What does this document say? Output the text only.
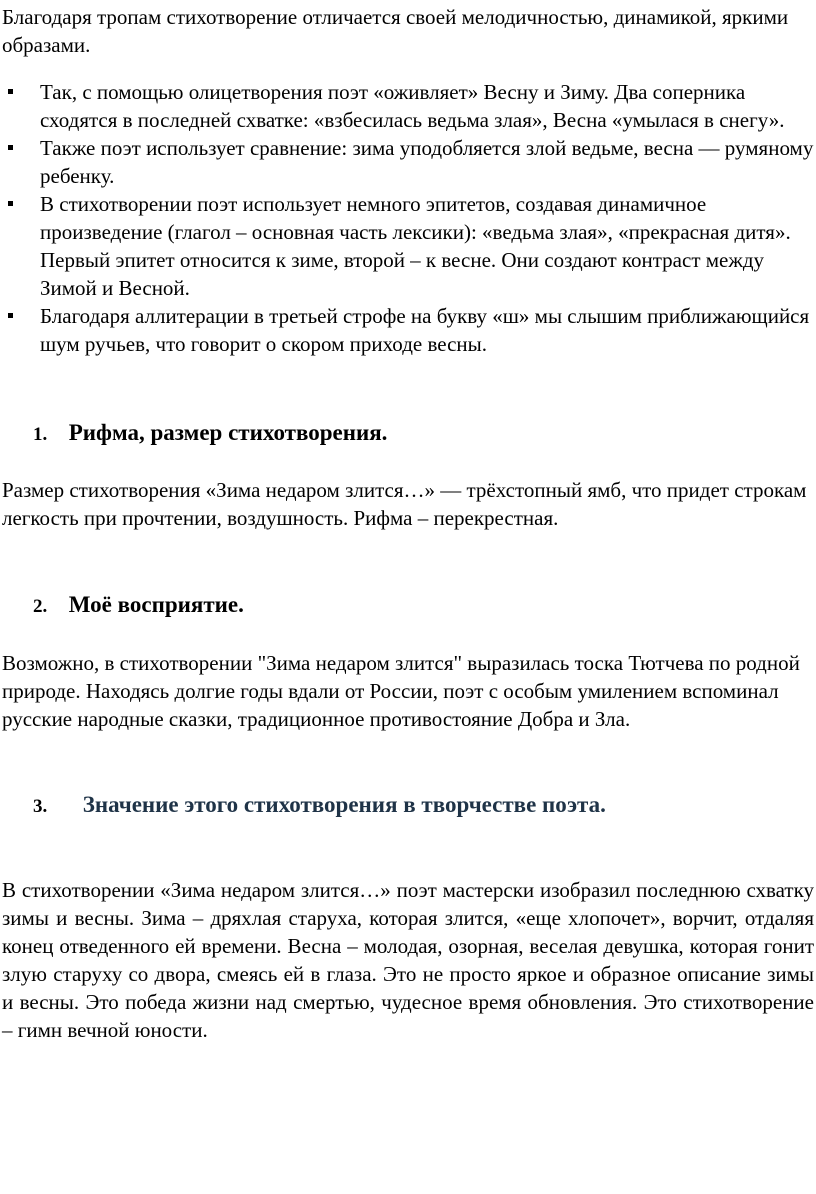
Благодаря тропам стихотворение отличается своей мелодичностью, динамикой, яркими образами.

Так, с помощью олицетворения поэт «оживляет» Весну и Зиму. Два соперника сходятся в последней схватке: «взбесилась ведьма злая», Весна «умылася в снегу».
Также поэт использует сравнение: зима уподобляется злой ведьме, весна — румяному ребенку.
В стихотворении поэт использует немного эпитетов, создавая динамичное произведение (глагол – основная часть лексики): «ведьма злая», «прекрасная дитя». Первый эпитет относится к зиме, второй – к весне. Они создают контраст между Зимой и Весной.
Благодаря аллитерации в третьей строфе на букву «ш» мы слышим приближающийся шум ручьев, что говорит о скором приходе весны.
1. Рифма, размер стихотворения.

Размер стихотворения «Зима недаром злится…» — трёхстопный ямб, что придет строкам легкость при прочтении, воздушность. Рифма – перекрестная.

2. Моё восприятие.

Возможно, в стихотворении "Зима недаром злится" выразилась тоска Тютчева по родной природе. Находясь долгие годы вдали от России, поэт с особым умилением вспоминал русские народные сказки, традиционное противостояние Добра и Зла.

3. Значение этого стихотворения в творчестве поэта.

В стихотворении «Зима недаром злится…» поэт мастерски изобразил последнюю схватку зимы и весны. Зима – дряхлая старуха, которая злится, «еще хлопочет», ворчит, отдаляя конец отведенного ей времени. Весна – молодая, озорная, веселая девушка, которая гонит злую старуху со двора, смеясь ей в глаза. Это не просто яркое и образное описание зимы и весны. Это победа жизни над смертью, чудесное время обновления. Это стихотворение – гимн вечной юности.
